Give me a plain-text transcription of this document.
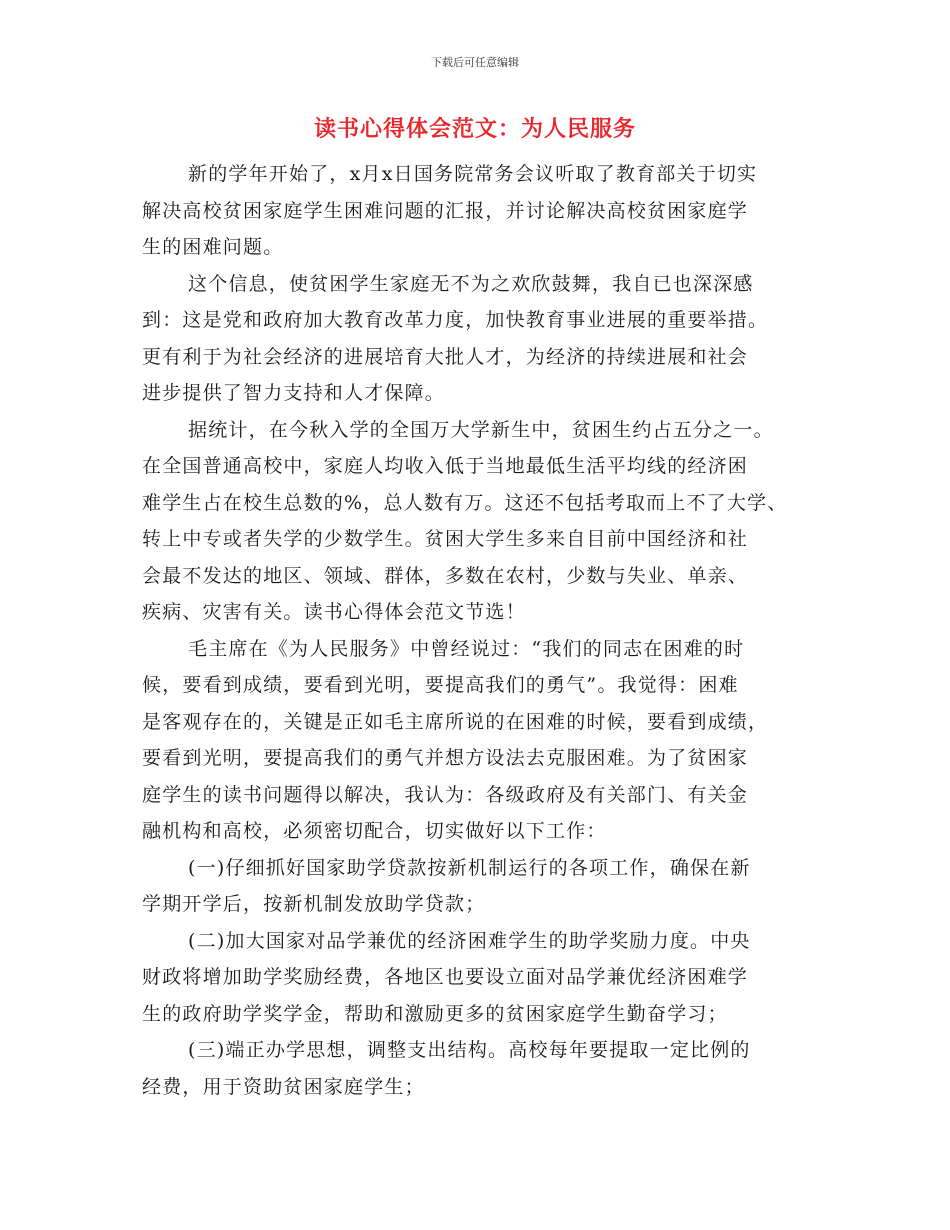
下载后可任意编辑
读书心得体会范文：为人民服务

新的学年开始了，x月x日国务院常务会议听取了教育部关于切实
解决高校贫困家庭学生困难问题的汇报，并讨论解决高校贫困家庭学
生的困难问题。

这个信息，使贫困学生家庭无不为之欢欣鼓舞，我自已也深深感
到：这是党和政府加大教育改革力度，加快教育事业进展的重要举措。
更有利于为社会经济的进展培育大批人才，为经济的持续进展和社会
进步提供了智力支持和人才保障。

据统计，在今秋入学的全国万大学新生中，贫困生约占五分之一。
在全国普通高校中，家庭人均收入低于当地最低生活平均线的经济困
难学生占在校生总数的%，总人数有万。这还不包括考取而上不了大学、
转上中专或者失学的少数学生。贫困大学生多来自目前中国经济和社
会最不发达的地区、领域、群体，多数在农村，少数与失业、单亲、
疾病、灾害有关。读书心得体会范文节选！

毛主席在《为人民服务》中曾经说过：“我们的同志在困难的时
候，要看到成绩，要看到光明，要提高我们的勇气”。我觉得：困难
是客观存在的，关键是正如毛主席所说的在困难的时候，要看到成绩，
要看到光明，要提高我们的勇气并想方设法去克服困难。为了贫困家
庭学生的读书问题得以解决，我认为：各级政府及有关部门、有关金
融机构和高校，必须密切配合，切实做好以下工作：

(一)仔细抓好国家助学贷款按新机制运行的各项工作，确保在新
学期开学后，按新机制发放助学贷款；

(二)加大国家对品学兼优的经济困难学生的助学奖励力度。中央
财政将增加助学奖励经费，各地区也要设立面对品学兼优经济困难学
生的政府助学奖学金，帮助和激励更多的贫困家庭学生勤奋学习；

(三)端正办学思想，调整支出结构。高校每年要提取一定比例的
经费，用于资助贫困家庭学生；
